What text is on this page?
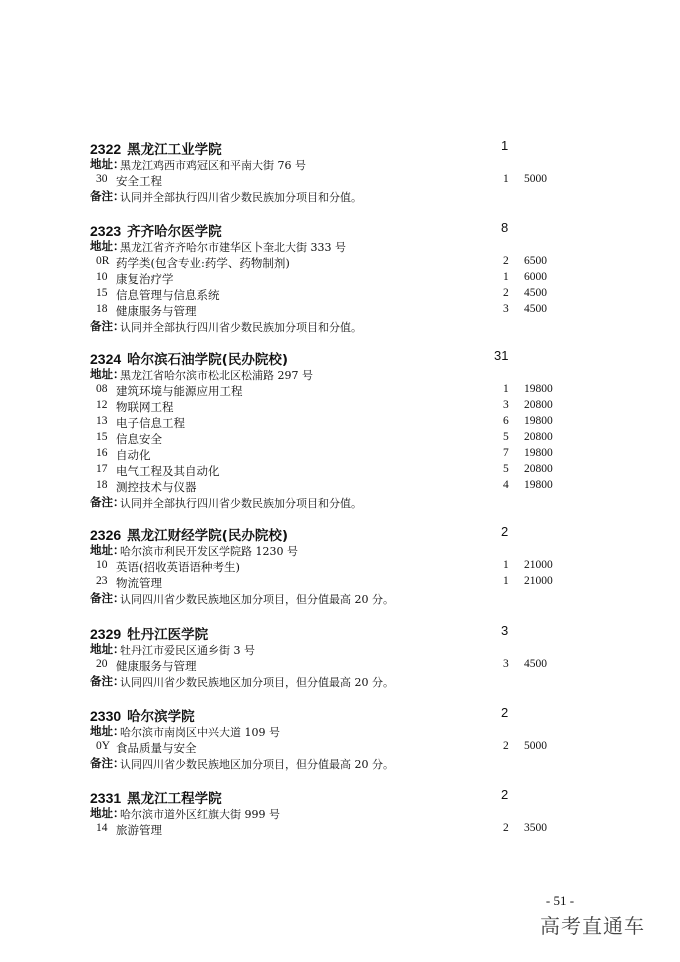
2322 黑龙江工业学院	1
地址：
黑龙江鸡西市鸡冠区和平南大街 76 号
30 安全工程	1 5000
备注：
认同并全部执行四川省少数民族加分项目和分值。
2323 齐齐哈尔医学院	8
地址：
黑龙江省齐齐哈尔市建华区卜奎北大街 333 号
0R 药学类(包含专业:药学、药物制剂)	2 6500
10 康复治疗学	1 6000
15 信息管理与信息系统	2 4500
18 健康服务与管理	3 4500
备注：
认同并全部执行四川省少数民族加分项目和分值。
2324 哈尔滨石油学院(民办院校)	31
地址：
黑龙江省哈尔滨市松北区松浦路 297 号
08 建筑环境与能源应用工程	1 19800
12 物联网工程	3 20800
13 电子信息工程	6 19800
15 信息安全	5 20800
16 自动化	7 19800
17 电气工程及其自动化	5 20800
18 测控技术与仪器	4 19800
备注：
认同并全部执行四川省少数民族加分项目和分值。
2326 黑龙江财经学院(民办院校)	2
地址：
哈尔滨市利民开发区学院路 1230 号
10 英语(招收英语语种考生)	1 21000
23 物流管理	1 21000
备注：
认同四川省少数民族地区加分项目，但分值最高 20 分。
2329 牡丹江医学院	3
地址：
牡丹江市爱民区通乡街 3 号
20 健康服务与管理	3 4500
备注：
认同四川省少数民族地区加分项目，但分值最高 20 分。
2330 哈尔滨学院	2
地址：
哈尔滨市南岗区中兴大道 109 号
0Y 食品质量与安全	2 5000
备注：
认同四川省少数民族地区加分项目，但分值最高 20 分。
2331 黑龙江工程学院	2
地址：
哈尔滨市道外区红旗大街 999 号
14 旅游管理	2 3500
- 51 -
高考直通车
